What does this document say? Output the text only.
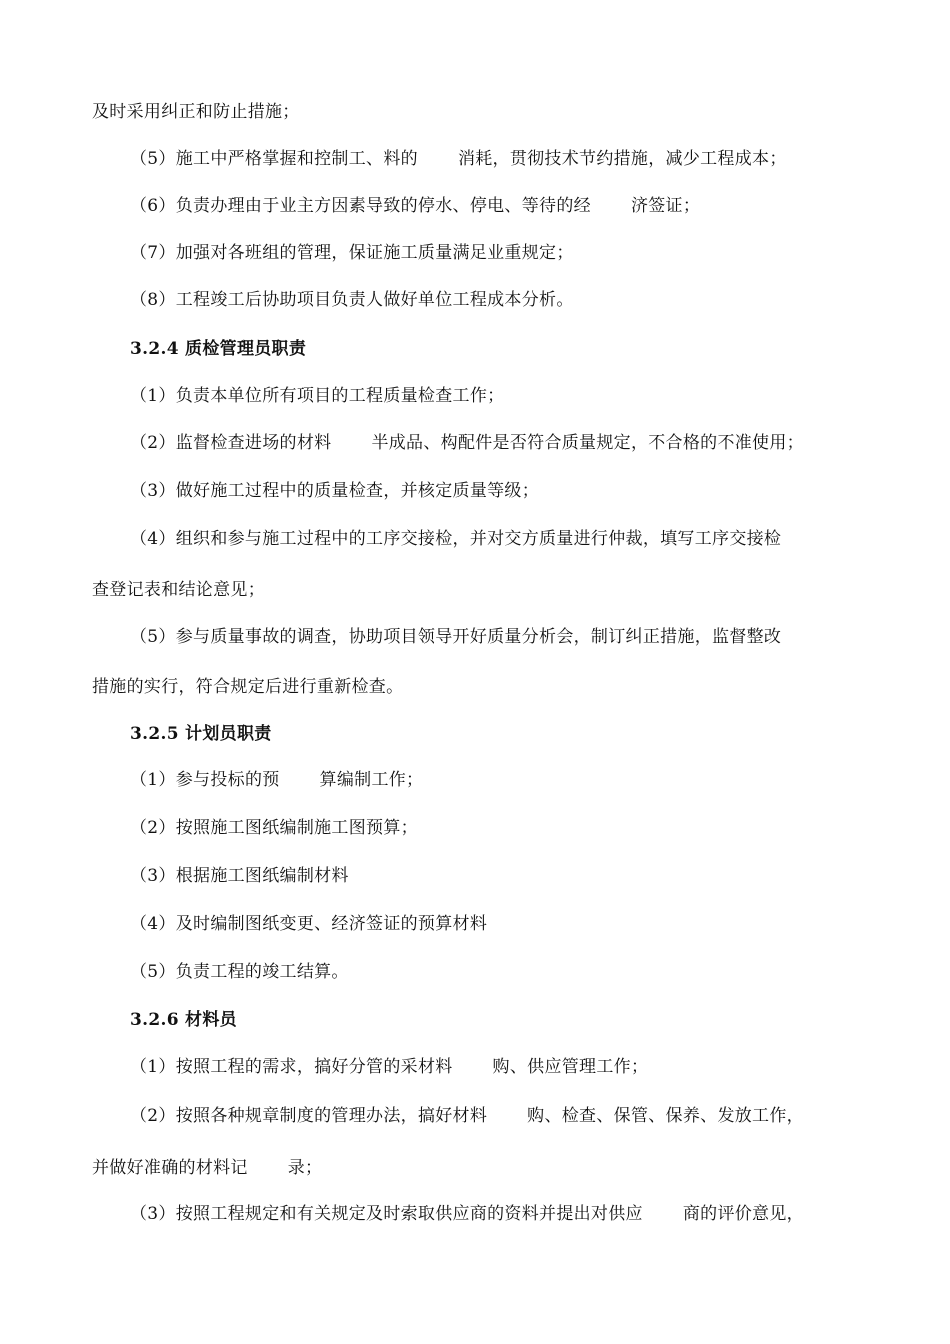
及时采用纠正和防止措施；
（5）施工中严格掌握和控制工、料的 消耗，贯彻技术节约措施，减少工程成本；
（6）负责办理由于业主方因素导致的停水、停电、等待的经 济签证；
（7）加强对各班组的管理，保证施工质量满足业重规定；
（8）工程竣工后协助项目负责人做好单位工程成本分析。
3.2.4 质检管理员职责
（1）负责本单位所有项目的工程质量检查工作；
（2）监督检查进场的材料 半成品、构配件是否符合质量规定，不合格的不准使用；
（3）做好施工过程中的质量检查，并核定质量等级；
（4）组织和参与施工过程中的工序交接检，并对交方质量进行仲裁，填写工序交接检
查登记表和结论意见；
（5）参与质量事故的调查，协助项目领导开好质量分析会，制订纠正措施，监督整改
措施的实行，符合规定后进行重新检查。
3.2.5 计划员职责
（1）参与投标的预 算编制工作；
（2）按照施工图纸编制施工图预算；
（3）根据施工图纸编制材料
（4）及时编制图纸变更、经济签证的预算材料
（5）负责工程的竣工结算。
3.2.6 材料员
（1）按照工程的需求，搞好分管的采材料 购、供应管理工作；
（2）按照各种规章制度的管理办法，搞好材料 购、检查、保管、保养、发放工作，
并做好准确的材料记 录；
（3）按照工程规定和有关规定及时索取供应商的资料并提出对供应 商的评价意见，
